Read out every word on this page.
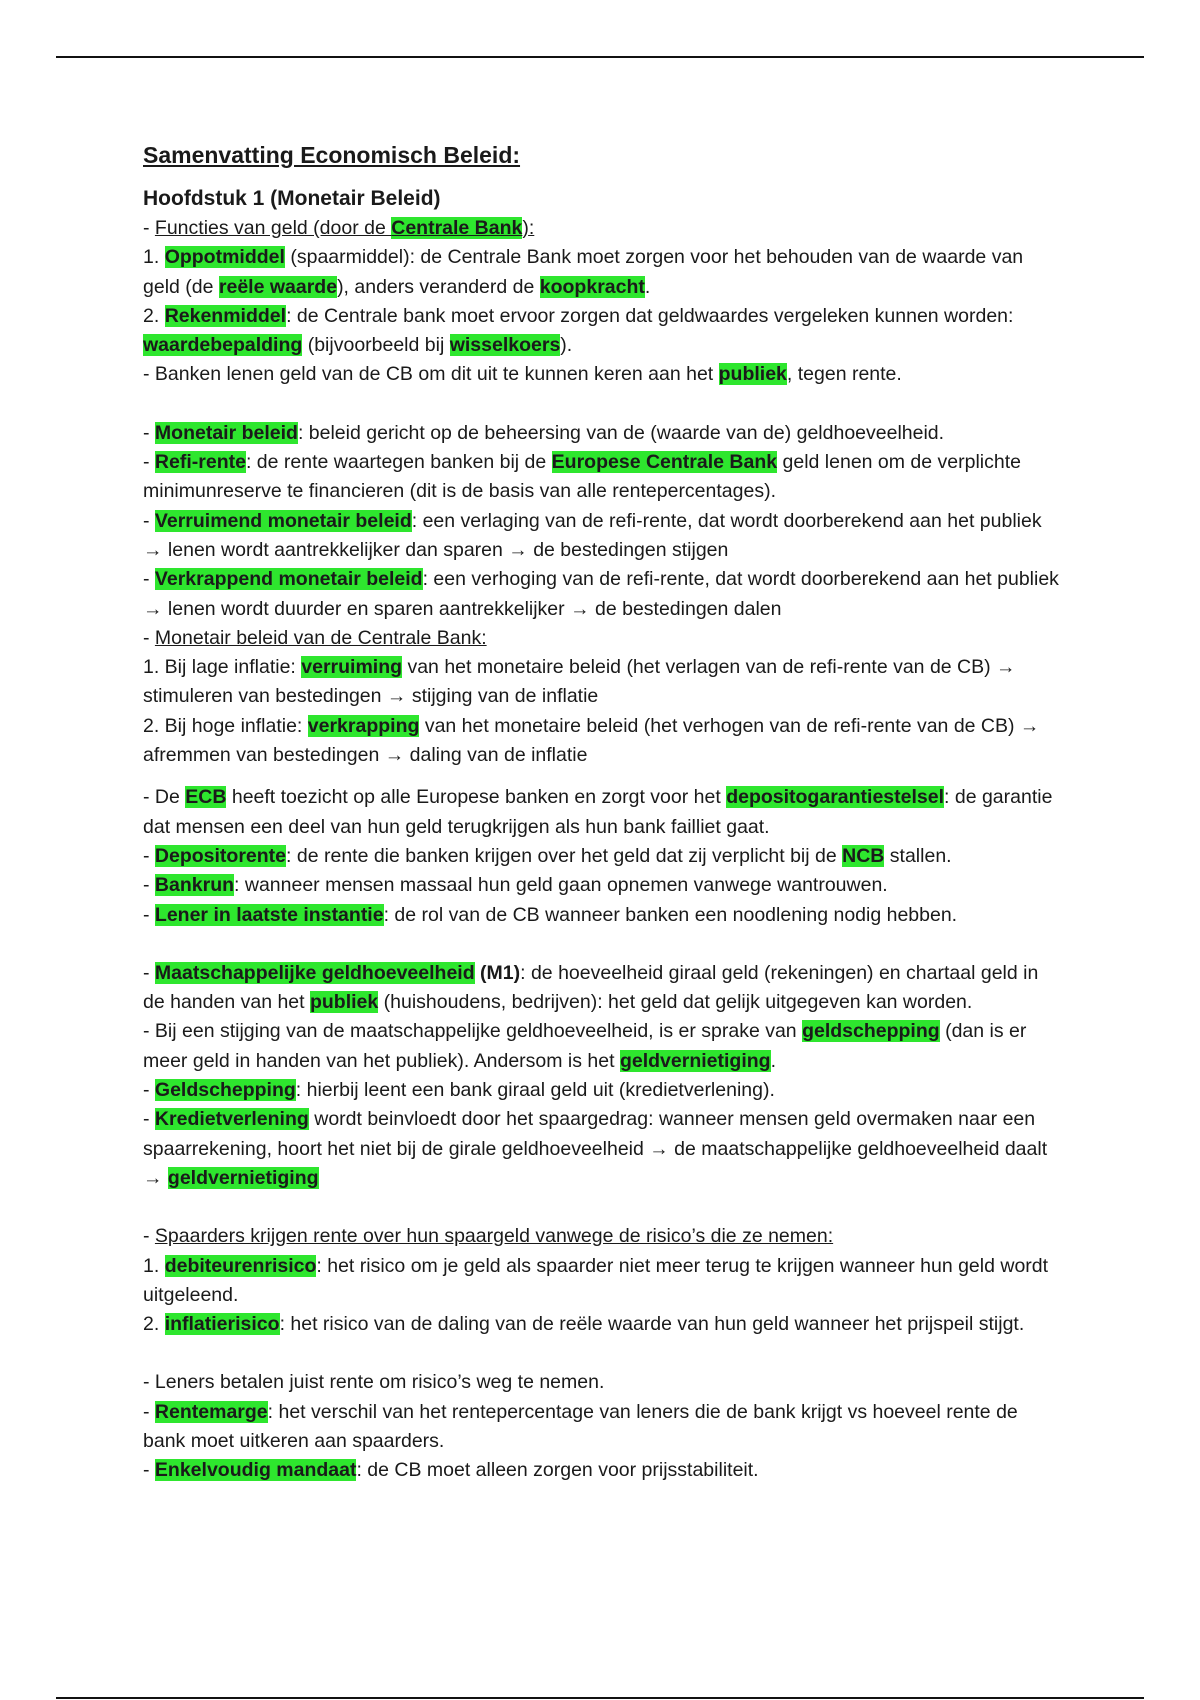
Samenvatting Economisch Beleid:
Hoofdstuk 1 (Monetair Beleid)

- Functies van geld (door de Centrale Bank):

1. Oppotmiddel (spaarmiddel): de Centrale Bank moet zorgen voor het behouden van de waarde van geld (de reële waarde), anders veranderd de koopkracht.

2. Rekenmiddel: de Centrale bank moet ervoor zorgen dat geldwaardes vergeleken kunnen worden: waardebepalding (bijvoorbeeld bij wisselkoers).

- Banken lenen geld van de CB om dit uit te kunnen keren aan het publiek, tegen rente.

- Monetair beleid: beleid gericht op de beheersing van de (waarde van de) geldhoeveelheid.

- Refi-rente: de rente waartegen banken bij de Europese Centrale Bank geld lenen om de verplichte minimunreserve te financieren (dit is de basis van alle rentepercentages).

- Verruimend monetair beleid: een verlaging van de refi-rente, dat wordt doorberekend aan het publiek → lenen wordt aantrekkelijker dan sparen → de bestedingen stijgen

- Verkrappend monetair beleid: een verhoging van de refi-rente, dat wordt doorberekend aan het publiek → lenen wordt duurder en sparen aantrekkelijker → de bestedingen dalen

- Monetair beleid van de Centrale Bank:

1. Bij lage inflatie: verruiming van het monetaire beleid (het verlagen van de refi-rente van de CB) → stimuleren van bestedingen → stijging van de inflatie

2. Bij hoge inflatie: verkrapping van het monetaire beleid (het verhogen van de refi-rente van de CB) → afremmen van bestedingen → daling van de inflatie

- De ECB heeft toezicht op alle Europese banken en zorgt voor het depositogarantiestelsel: de garantie dat mensen een deel van hun geld terugkrijgen als hun bank failliet gaat.

- Depositorente: de rente die banken krijgen over het geld dat zij verplicht bij de NCB stallen.

- Bankrun: wanneer mensen massaal hun geld gaan opnemen vanwege wantrouwen.

- Lener in laatste instantie: de rol van de CB wanneer banken een noodlening nodig hebben.

- Maatschappelijke geldhoeveelheid (M1): de hoeveelheid giraal geld (rekeningen) en chartaal geld in de handen van het publiek (huishoudens, bedrijven): het geld dat gelijk uitgegeven kan worden.

- Bij een stijging van de maatschappelijke geldhoeveelheid, is er sprake van geldschepping (dan is er meer geld in handen van het publiek). Andersom is het geldvernietiging.

- Geldschepping: hierbij leent een bank giraal geld uit (kredietverlening).

- Kredietverlening wordt beinvloedt door het spaargedrag: wanneer mensen geld overmaken naar een spaarrekening, hoort het niet bij de girale geldhoeveelheid → de maatschappelijke geldhoeveelheid daalt → geldvernietiging

- Spaarders krijgen rente over hun spaargeld vanwege de risico’s die ze nemen:

1. debiteurenrisico: het risico om je geld als spaarder niet meer terug te krijgen wanneer hun geld wordt uitgeleend.

2. inflatierisico: het risico van de daling van de reële waarde van hun geld wanneer het prijspeil stijgt.

- Leners betalen juist rente om risico’s weg te nemen.

- Rentemarge: het verschil van het rentepercentage van leners die de bank krijgt vs hoeveel rente de bank moet uitkeren aan spaarders.

- Enkelvoudig mandaat: de CB moet alleen zorgen voor prijsstabiliteit.
